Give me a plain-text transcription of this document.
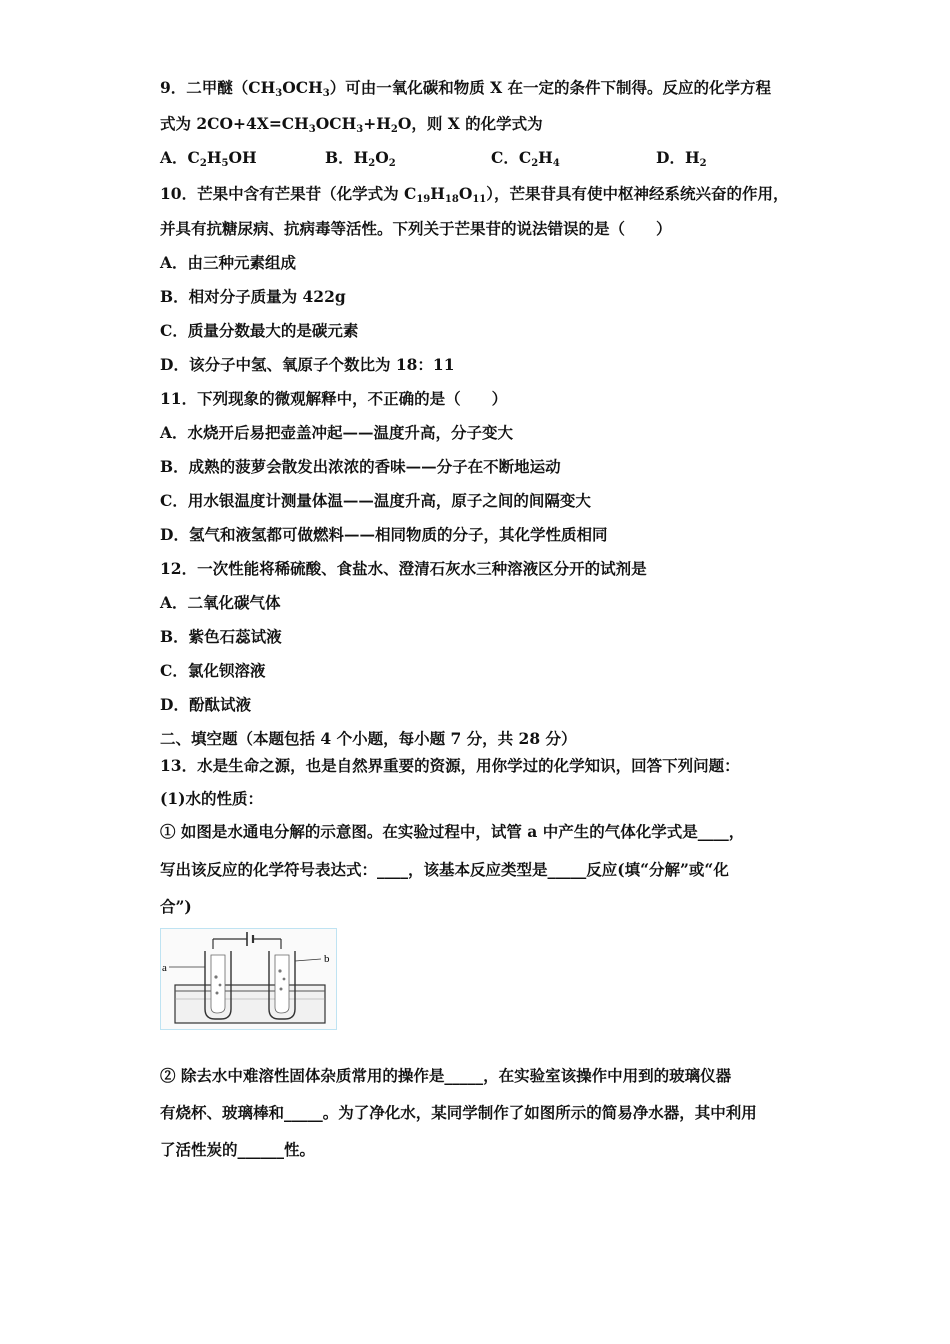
9．二甲醚$(CH_3OCH_3)$可由一氧化碳和物质 X 在一定的条件下制得。反应的化学方程
式为 $2CO+4X=CH_3OCH_3+H_2O$，则 X 的化学式为
A．$C_2H_5OH$	B．$H_2O_2$	C．$C_2H_4$	D．$H_2$
10．芒果中含有芒果苷（化学式为 $C_{19}H_{18}O_{11}$），芒果苷具有使中枢神经系统兴奋的作用，
并具有抗糖尿病、抗病毒等活性。下列关于芒果苷的说法错误的是（　　）
A．由三种元素组成
B．相对分子质量为 422g
C．质量分数最大的是碳元素
D．该分子中氢、氧原子个数比为 18：11
11．下列现象的微观解释中，不正确的是（　　）
A．水烧开后易把壶盖冲起——温度升高，分子变大
B．成熟的菠萝会散发出浓浓的香味——分子在不断地运动
C．用水银温度计测量体温——温度升高，原子之间的间隔变大
D．氢气和液氢都可做燃料——相同物质的分子，其化学性质相同
12．一次性能将稀硫酸、食盐水、澄清石灰水三种溶液区分开的试剂是
A．二氧化碳气体
B．紫色石蕊试液
C．氯化钡溶液
D．酚酞试液
二、填空题（本题包括 4 个小题，每小题 7 分，共 28 分）
13．水是生命之源，也是自然界重要的资源，用你学过的化学知识，回答下列问题：
(1)水的性质：
① 如图是水通电分解的示意图。在实验过程中，试管 a 中产生的气体化学式是____，
写出该反应的化学符号表达式：____，该基本反应类型是_____反应(填“分解”或“化
合”)
a
b
② 除去水中难溶性固体杂质常用的操作是_____，在实验室该操作中用到的玻璃仪器
有烧杯、玻璃棒和_____。为了净化水，某同学制作了如图所示的简易净水器，其中利用
了活性炭的______性。
